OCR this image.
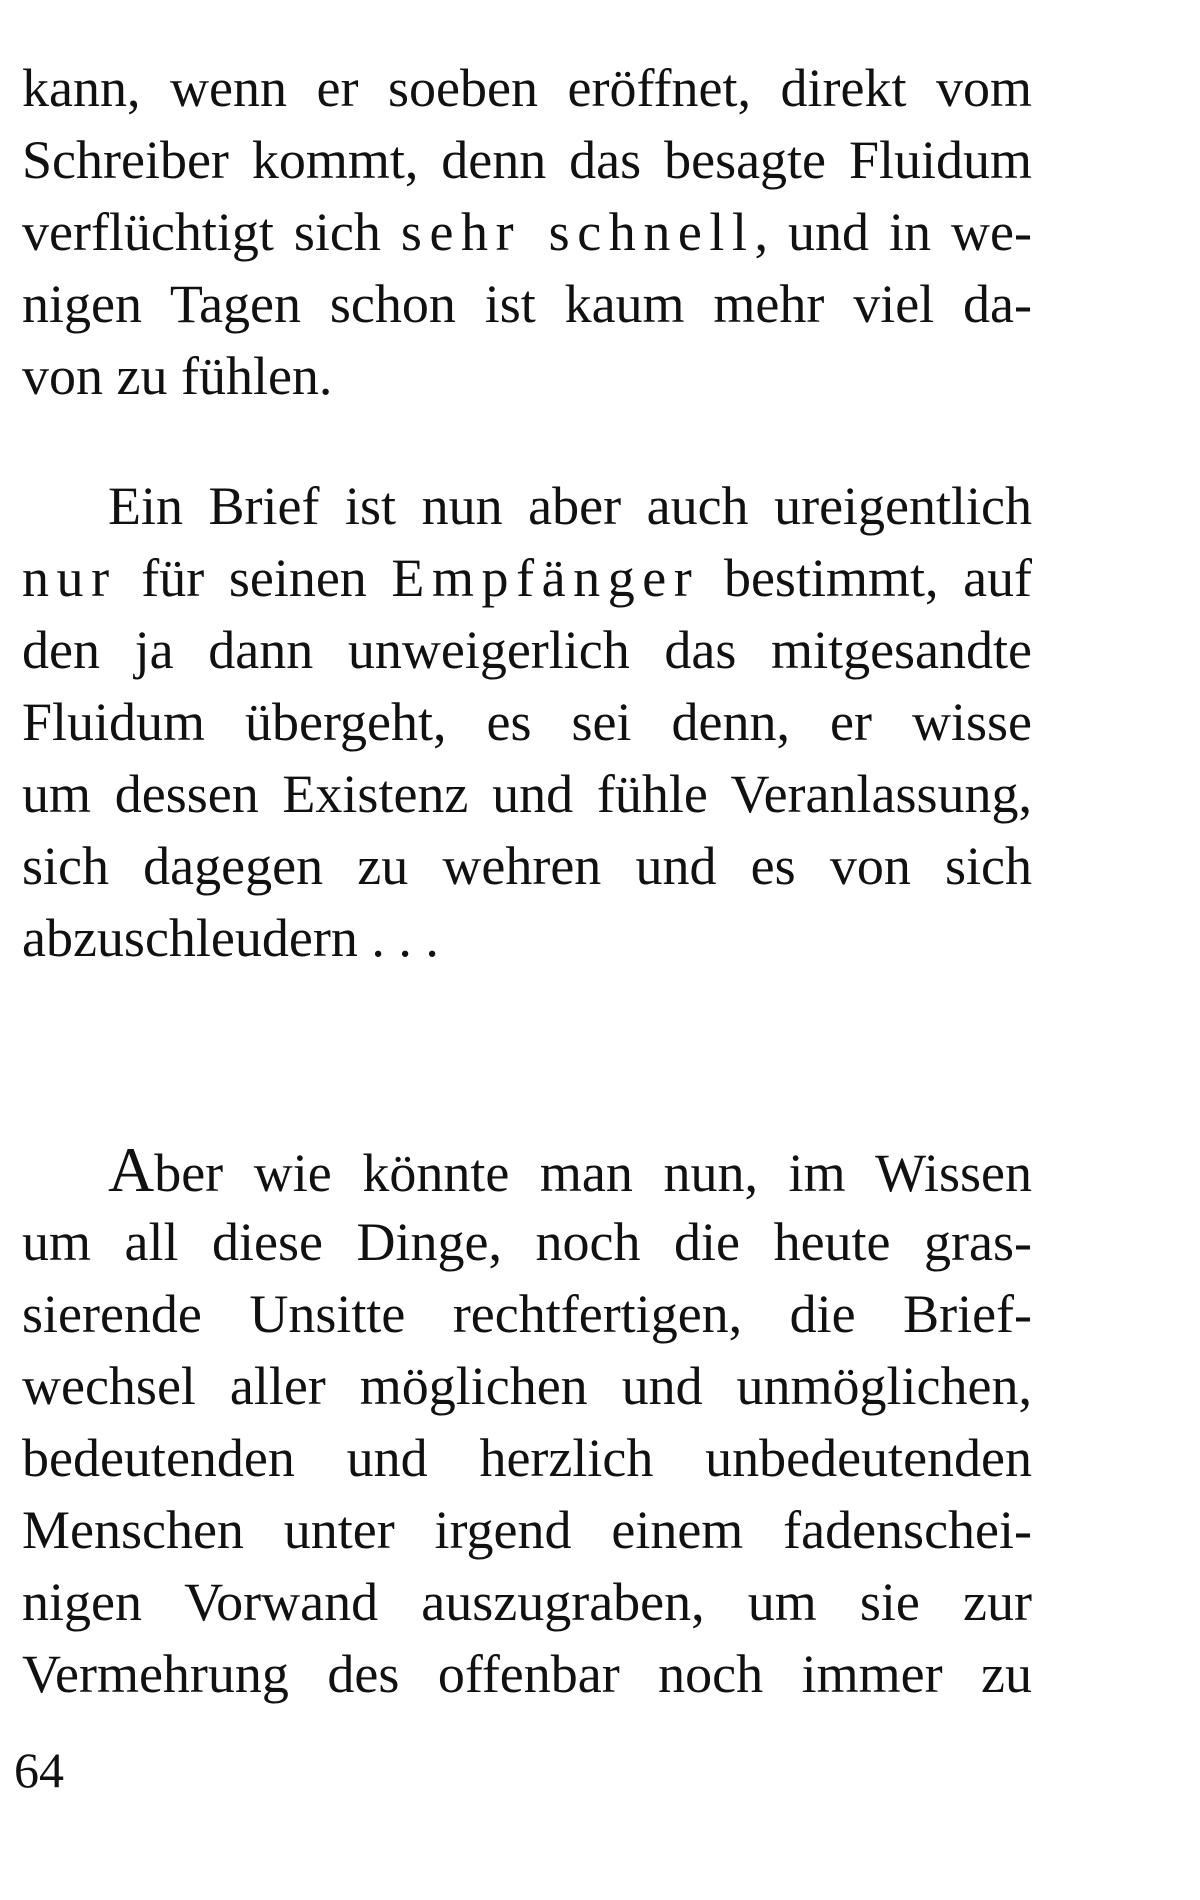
kann, wenn er soeben eröffnet, direkt vom
Schreiber kommt, denn das besagte Fluidum
verflüchtigt sich sehr schnell, und in we-
nigen Tagen schon ist kaum mehr viel da-
von zu fühlen.
Ein Brief ist nun aber auch ureigentlich
nur für seinen Empfänger bestimmt, auf
den ja dann unweigerlich das mitgesandte
Fluidum übergeht, es sei denn, er wisse
um dessen Existenz und fühle Veranlassung,
sich dagegen zu wehren und es von sich
abzuschleudern . . .
Aber wie könnte man nun, im Wissen
um all diese Dinge, noch die heute gras-
sierende Unsitte rechtfertigen, die Brief-
wechsel aller möglichen und unmöglichen,
bedeutenden und herzlich unbedeutenden
Menschen unter irgend einem fadenschei-
nigen Vorwand auszugraben, um sie zur
Vermehrung des offenbar noch immer zu
64
